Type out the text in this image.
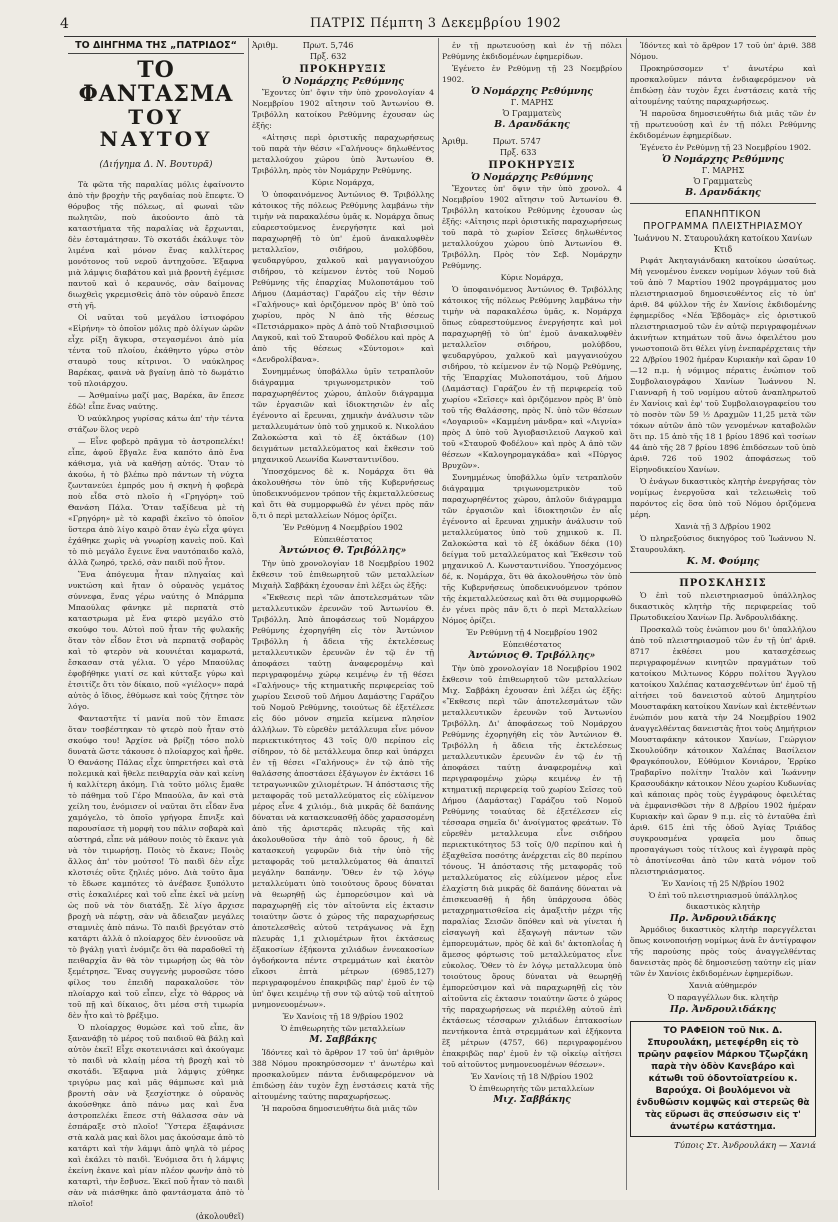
4	ΠΑΤΡΙΣ Πέμπτη 3 Δεκεμβρίου 1902
ΤΟ ΔΙΗΓΗΜΑ ΤΗΣ „ΠΑΤΡΙΔΟΣ“
ΤΟ ΦΑΝΤΑΣΜΑ
ΤΟΥ ΝΑΥΤΟΥ
(Διήγημα Δ. Ν. Βουτυρᾶ)

Τὰ φῶτα τῆς παραλίας μόλις ἐφαίνοντο ἀπὸ τὴν βροχὴν τῆς ραγδαίας ποὺ ἔπεφτε. Ὁ θόρυβος τῆς πόλεως, αἱ φωναὶ τῶν πωλητῶν, ποὺ ἀκούοντο ἀπὸ τὰ καταστήματα τῆς παραλίας νὰ ἔρχωνται, δὲν ἐσταμάτησαν. Τὸ σκοτάδι ἐκάλυψε τὸν λιμένα καὶ μόνον ἕνας καλλίτερος μονότονος τοῦ νεροῦ ἀντηχοῦσε. Ἐξαφνα μιὰ λάμψις διαβάτου καὶ μιὰ βροντὴ ἐγέμισε παντοῦ καὶ ὁ κεραυνός, σὰν δαίμονας διωχθεὶς γκρεμισθεὶς ἀπὸ τὸν οὐρανὸ ἔπεσε στὴ γῆ.

Οἱ ναῦται τοῦ μεγάλου ἱστιοφόρου «Εἰρήνη» τὸ ὁποῖον μόλις πρὸ ὀλίγων ὡρῶν εἶχε ρίξη ἄγκυρα, στεγασμένοι ἀπὸ μία τέντα τοῦ πλοίου, ἐκάθηντο γύρω στὸν σταυρὸ τους κίτρινοι. Ὁ ναύκληρος Βαρέκας, φαινὰ νὰ βγαίνῃ ἀπὸ τὸ δωμάτιο τοῦ πλοιάρχου.

— Ἀσθμαίνω μαζί μας, Βαρέκα, ἂν ἔπεσε ἐδῶ! εἶπε ἕνας ναύτης.

Ὁ ναύκληρος γυρίσας κάτω ἀπ' τὴν τέντα στάζων ὅλος νερὸ

— Εἶνε φοβερὸ πρᾶγμα τὸ ἀστροπελέκι! εἶπε, ἀφοῦ ἔβγαλε ἕνα καπότο ἀπὸ ἔνα κάθισμα, γιὰ νὰ καθήσῃ αὐτός. Ὅταν τὸ ἀκούω, ἡ τὸ βλέπω πρὸ πάντων τὴ νύχτα ζωντανεύει ἐμπρός μου ἡ σκηνὴ ἡ φοβερὰ ποὺ εἶδα στὸ πλοῖο ἡ «Γρηγόρη» τοῦ Θανάση Πάλα. Ὅταν ταξίδευα μὲ τὴ «Γρηγόρη» μὲ τὸ καραβὶ ἐκεῖνο τὸ ὁποῖον ὕστερα ἀπὸ λίγο καιρὸ ὅταν ἐγὼ εἶχα φύγει ἐχάθηκε χωρὶς νὰ γνωρίσῃ κανεὶς ποῦ. Καὶ τὸ πιὸ μεγάλο ἔγεινε ἕνα ναυτόπαιδο καλὸ, ἀλλὰ ζωηρό, τρελό, σὰν παιδὶ ποῦ ἦτον.

Ἕνα ἀπόγευμα ἦταν πληγαίας καὶ νυκτώση καὶ ἤταν ὁ οὐρανὸς γεμάτος σύννεφα, ἕνας γέρω ναύτης ὁ Μπάρμπα Μπαούλας φάνηκε μὲ περπατὰ στὸ καταστρωμα μὲ ἕνα φτερὸ μεγάλο στὸ σκούφο του. Αὐτοὶ ποῦ ἦταν τῆς φυλακῆς ὅταν τὸν εἶδον ἔτσι νὰ περπατᾷ σοβαρὸς καὶ τὸ φτερὸν νὰ κουνιέται καμαρωτά, ἔσκασαν στὰ γέλια. Ὁ γέρο Μπαούλας ἐφοβήθηκε γιατί σε καὶ κύτταξε γύρω καὶ ἐτσιτίζε ὅτι τὸν δίκαιο, ποῦ «γιέλοςν» παρά αὐτὸς ὁ ἴδιος, ἐθύμωσε καὶ τοὺς ζήτησε τὸν λόγο.

Φανταστῆτε τί μανία ποῦ τὸν ἔπιασε ὅταν τοσβέστηκαν τὸ φτερὸ ποὺ ἦταν στὸ σκούφο του! Ἀρχίσε νὰ βρίζῃ τόσο πολὺ δυνατὰ ὥστε τάκουσε ὁ πλοίαρχος καὶ ἦρθε. Ὁ Θανάσης Πάλας εἶχε ὑπηρετήσει καὶ στὰ πολεμικὰ καὶ ἤθελε πειθαρχία σὰν καὶ κείνη ἡ καλλίτερη ἀκόμη. Γιὰ τοῦτο μόλις ἔμαθε τὸ πάθημα τοῦ Γέρο Μπαούλα, ἄν καὶ στὰ χείλη του, ἐνόμισεν οἱ ναῦται ὅτι εἶδαν ἕνα χαμόγελο, τὸ ὁποῖο γρήγορα ἔπνιξε καὶ παρουσίασε τὴ μορφὴ του πάλιν σοβαρὰ καὶ αὐστηρά, εἶπε νὰ μάθουν ποιὸς τὸ ἔκανε γιὰ νὰ τὸν τιμωρήσῃ. Ποιὸς τὸ ἔκανε; Ποιὸς ἄλλος ἀπ' τὸν μούτσο! Τὸ παιδὶ δὲν εἶχε κλοτσιές οὔτε ζηλιές μόνο. Διὰ τοῦτο ἅμα τὸ ἔδωσε καμπότες τὸ ἀνέβασε ξυπόλυτο στὶς ἐσκαλιέρες καὶ τοῦ εἶπε ἐκεῖ νὰ μείνῃ ὡς ποῦ νὰ τὸν διατάξῃ. Σὲ λίγο ἄρχισε βροχὴ νὰ πέφτῃ, σὰν νὰ ἄδειαζαν μεγάλες σταμνιὲς ἀπὸ πάνω. Τὸ παιδὶ βρεγόταν στὸ κατάρτι ἀλλὰ ὁ πλοίαρχος δὲν ἐννοοῦσε νὰ τὸ βγάλῃ γιατὶ ἐνόμιζε ὅτι θὰ παραδοθεῖ τὴ πειθαρχία ἂν θὰ τὸν τιμωρήσῃ ὡς θὰ τὸν ξεμέτρησε. Ἕνας συγγενὴς μυροσῶσε τόσο φίλος του ἐπειδὴ παρακαλοῦσε τὸν πλοίαρχο καὶ τοῦ εἶπεν, εἶχε τὸ θάρρος νὰ τοῦ πῇ καὶ δίκαιος, ὅτι μέσα στὴ τιμωρία δὲν ἦτο καὶ τὸ βρέξιμο.

Ὁ πλοίαρχος θυμώσε καὶ τοῦ εἶπε, ἂν ξανανάβῃ τὸ μέρος τοῦ παιδιοῦ θὰ βάλῃ καὶ αὐτὸν ἐκεῖ! Εἶχε σκοτεινιάσει καὶ ἀκούγαμε τὸ παιδὶ νὰ κλαίῃ μέσα τὴ βροχὴ καὶ τὸ σκοτάδι. Ἐξαφνα μιὰ λάμψις χύθηκε τριγύρω μας καὶ μᾶς θάμπωσε καὶ μιὰ βροντὴ σὰν νὰ ξεσχίστηκε ὁ οὐρανὸς ἀκούσθηκε ἀπὸ πάνω μας καὶ ἕνα ἀστροπελέκι ἔπεσε στὴ θάλασσα σὰν νὰ ἐσπάραξε στὸ πλοῖο! Ὕστερα ἐξαφάνισε στὰ καλὰ μας καὶ ὅλοι μας ἀκούσαμε ἀπὸ τὸ κατάρτι καὶ τὴν λάμψι ἀπὸ ψηλὰ τὸ μέρος καὶ ἐκάλει τὸ παιδὶ. Ἐνόμισα ὅτι ἡ λάμψις ἐκείνη ἐκανε καὶ μίαν πλέον φωνὴν ἀπὸ τὸ καταρτὶ, τὴν ἔσβυσε. Ἐκεῖ ποῦ ἦταν τὸ παιδὶ σὰν νὰ πιάσθηκε ἀπὸ φαντάσματα ἀπὸ τὸ πλοῖο!

(ἀκολουθεῖ)
Ἀριθμ.	Πρωτ. 5,746
Πρξ. 632
ΠΡΟΚΗΡΥΞΙΣ
Ὁ Νομάρχης Ρεθύμνης

Ἔχοντες ὑπ' ὄψιν τὴν ὑπὸ χρονολογίαν 4 Νοεμβρίου 1902 αἴτησιν τοῦ Ἀντωνίου Θ. Τριβόλλη κατοίκου Ρεθύμνης ἐχουσαν ὡς ἑξῆς:

«Αἰτησις περὶ ὁριστικῆς παραχωρήσεως τοῦ παρὰ τὴν θέσιν «Γαλήνους» δηλωθέντος μεταλλούχου χώρου ὑπὸ Ἀντωνίου Θ. Τριβόλλη, πρὸς τὸν Νομάρχην Ρεθύμνης.

Κύριε Νομάρχα,

Ὁ ὑποφαινόμενος Ἀντώνιος Θ. Τριβόλλης κάτοικος τῆς πόλεως Ρεθύμνης λαμβάνω τὴν τιμὴν νὰ παρακαλέσω ὑμᾶς κ. Νομάρχα ὅπως εὐαρεστούμενος ἐνεργήσητε καὶ μοὶ παραχωρηθῇ τὸ ὑπ' ἐμοῦ ἀνακαλυφθὲν μεταλλεῖον, σιδήρου, μολύβδου, ψευδαργύρου, χαλκοῦ καὶ μαγγανιούχου σιδήρου, τὸ κείμενον ἐντὸς τοῦ Νομοῦ Ρεθύμνης τῆς ἐπαρχίας Μυλοποτάμου τοῦ Δήμου (Δαμάστας) Γαράζου εἰς τὴν θέσιν «Γαλήνους» καὶ ὁριζόμενον πρὸς Β' ὑπὸ τοῦ χωρίου, πρὸς Ν ἀπὸ τῆς θέσεως «Πετσιάρμακο» πρὸς Δ ἀπὸ τοῦ Νταβισσιμιοῦ Λαγκοῦ, καὶ τοῦ Σταυροῦ Φοδέλου καὶ πρὸς Α ἀπὸ τῆς θέσεως «Σύντομοι» καὶ «Δενδρολίβανα».

Συνημμένως ὑποβάλλω ὑμῖν τετραπλοῦν διάγραμμα τριγωνομετρικὸν τοῦ παραχωρηθέντος χώρου, ἁπλοῦν διάγραμμα τῶν ἐργασιῶν καὶ ἰδιοκτησιῶν ἐν αἷς ἐγένοντο αἱ ἔρευναι, χημικὴν ἀνάλυσιν τῶν μεταλλευμάτων ὑπὸ τοῦ χημικοῦ κ. Νικολάου Ζαλοκώστα καὶ τὸ ἐξ ὀκτάδων (10) δειγμάτων μεταλλεύματος καὶ ἔκθεσιν τοῦ μηχανικοῦ Λεωνίδα Κωνσταντινίδου.

Ὑποσχόμενος δὲ κ. Νομάρχα ὅτι θὰ ἀκολουθήσω τὸν ὑπὸ τῆς Κυβερνήσεως ὑποδεικνυόμενον τρόπον τῆς ἐκμεταλλεύσεως καὶ ὅτι θὰ συμμορφωθῶ ἐν γένει πρὸς πᾶν ὅ,τι ὁ περὶ μεταλλείων Νόμος ὁρίζει.

Ἐν Ρεθύμνῃ 4 Νοεμβρίου 1902

Εὐπειθέστατος

Ἀντώνιος Θ. Τριβόλλης»

Τὴν ὑπὸ χρονολογίαν 18 Νοεμβρίου 1902 ἔκθεσιν τοῦ ἐπιθεωρητοῦ τῶν μεταλλείων Μιχαὴλ Σαββάκη ἐχουσαν ἐπὶ λέξει ὡς ἑξῆς:

«Ἔκθεσις περὶ τῶν ἀποτελεσμάτων τῶν μεταλλευτικῶν ἐρευνῶν τοῦ Ἀντωνίου Θ. Τριβόλλη. Ἀπὸ ἀποφάσεως τοῦ Νομάρχου Ρεθύμνης ἐχορηγήθη εἰς τὸν Ἀντώνιον Τριβόλλη ἡ ἄδεια τῆς ἐκτελέσεως μεταλλευτικῶν ἐρευνῶν ἐν τῷ ἐν τῇ ἀποφάσει ταύτῃ ἀναφερομένῳ καὶ περιγραφομένῳ χώρῳ κειμένῳ ἐν τῇ θέσει «Γαλήνους» τῆς κτηματικῆς περιφερείας τοῦ χωρίου Σεισοῦ τοῦ Δήμου Δαμάστης Γαράζου τοῦ Νομοῦ Ρεθύμνης, τοιούτως δὲ ἐξετέλεσε εἰς δύο μόνον σημεῖα κείμενα πλησίον ἀλλήλων. Τὸ εὑρεθὲν μετάλλευμα εἶνε μόνον περιεκτικότητος 43 τοῖς 0/0 περίπου εἰς σίδηρον, τὸ δὲ μετάλλευμα ὅπερ καὶ ὑπάρχει ἐν τῇ θέσει «Γαλήνους» ἐν τῷ ἀπὸ τῆς θαλάσσης ἀποστάσει ἐξάγωγον ἐν ἐκτάσει 16 τετραγωνικῶν χιλιομέτρων. Ἡ ἀπόστασις τῆς μεταφορᾶς τοῦ μεταλλεύματος εἰς εὐλίμενον μέρος εἶνε 4 χιλιόμ., διὰ μικρᾶς δὲ δαπάνης δύναται νὰ κατασκευασθῇ ὁδὸς χαρασσομένη ἀπὸ τῆς ἀριστερᾶς πλευρᾶς τῆς καὶ ἀκολουθοῦσα τὴν ἀπὸ τοῦ ὄρους, ἡ δὲ κατασκευὴ γεφυρῶν διὰ τὴν ὑπὸ τῆς μεταφορᾶς τοῦ μεταλλεύματος θὰ ἀπαιτεῖ μεγάλην δαπάνην. Ὅθεν ἐν τῷ λόγῳ μεταλλεύματι ὑπὸ τοιούτους ὅρους δύναται νὰ θεωρηθῇ ὡς ἐμπορεύσιμον καὶ νὰ παραχωρηθῇ εἰς τὸν αἰτοῦντα εἰς ἐκτασιν τοιαύτην ὥστε ὁ χώρος τῆς παραχωρήσεως ἀποτελεσθεὶς αὐτοῦ τετράγωνος νὰ ἔχῃ πλευρὰς 1,1 χιλιομέτρων ἤτοι ἐκτάσεως ἑξακοσίων ἑξήκοντα χιλιάδων ἐννεακοσίων ὀγδοήκοντα πέντε στρεμμάτων καὶ ἑκατὸν εἴκοσι ἑπτὰ μέτρων (6985,127) περιγραφομένου ἐπακριβῶς παρ' ἐμοῦ ἐν τῷ ὑπ' ὄψει κειμένῳ τῇ συν τῷ αὐτῷ τοῦ αἰτητοῦ μνημονευομένων».

Ἐν Χανίοις τῇ 18 9/βρίου 1902

Ὁ ἐπιθεωρητὴς τῶν μεταλλείων

Μ. Σαββάκης

Ἰδόντες καὶ τὸ ἄρθρον 17 τοῦ ὑπ' ἀριθμὸν 388 Νόμου προκηρύσσομεν τ' ἀνωτέρω καὶ προσκαλοῦμεν πάντα ἐνδιαφερόμενον νὰ ἐπιδώσῃ ἐὰν τυχὸν ἔχῃ ἐνστάσεις κατὰ τῆς αἰτουμένης ταύτης παραχωρήσεως.

Ἡ παροῦσα δημοσιευθήτω διὰ μιᾶς τῶν

ἐν τῇ πρωτευούσῃ καὶ ἐν τῇ πόλει Ρεθύμνης ἐκδιδομένων ἐφημερίδων.

Ἐγένετο ἐν Ρεθύμνῃ τῇ 23 Νοεμβρίου 1902.

Ὁ Νομάρχης Ρεθύμνης
Γ. ΜΑΡΗΣ
Ὁ Γραμματεὺς
Β. Δρανδάκης
Ἀριθμ.	Πρωτ. 5747
Πρξ. 633
ΠΡΟΚΗΡΥΞΙΣ
Ὁ Νομάρχης Ρεθύμνης

Ἔχοντες ὑπ' ὄψιν τὴν ὑπὸ χρονολ. 4 Νοεμβρίου 1902 αἴτησιν τοῦ Ἀντωνίου Θ. Τριβόλλη κατοίκου Ρεθύμνης ἐχουσαν ὡς ἑξῆς: «Αἰτησις περὶ ὁριστικῆς παραχωρήσεως τοῦ παρὰ τὸ χωρίον Σεῖσες δηλωθέντος μεταλλούχου χώρου ὑπὸ Ἀντωνίου Θ. Τριβόλλη. Πρὸς τὸν Σεβ. Νομάρχην Ρεθύμνης.

Κύριε Νομάρχα,

Ὁ ὑποφαινόμενος Ἀντώνιος Θ. Τριβόλλης κάτοικος τῆς πόλεως Ρεθύμνης λαμβάνω τὴν τιμὴν νὰ παρακαλέσω ὑμᾶς, κ. Νομάρχα ὅπως εὐαρεστούμενος ἐνεργήσητε καὶ μοὶ παραχωρηθῇ τὸ ὑπ' ἐμοῦ ἀνακαλυφθὲν μεταλλεῖον σιδήρου, μολύβδου, ψευδαργύρου, χαλκοῦ καὶ μαγγανιούχου σιδήρου, τὸ κείμενον ἐν τῷ Νομῷ Ρεθύμνης, τῆς Ἐπαρχίας Μυλοποτάμου, τοῦ Δήμου (Δαμάστας) Γαράζου ἐν τῇ περιφερείᾳ τοῦ χωρίου «Σεῖσες» καὶ ὁριζόμενον πρὸς Β' ὑπὸ τοῦ τῆς Θαλάσσης, πρὸς Ν. ὑπὸ τῶν θέσεων «Λογαριοῦ» «Καμμένη μάνδρα» καὶ «Λιγνία» πρὸς Δ ὑπὸ τοῦ Ἀγιοβασιλειοῦ Λαγκοῦ καὶ τοῦ «Σταυροῦ Φοδέλου» καὶ πρὸς Α ἀπὸ τῶν θέσεων «Καλογηρομαγκάδα» καὶ «Πύργος Βρυχῶν».

Συνημμένως ὑποβάλλω ὑμῖν τετραπλοῦν διάγραμμα τριγωνομετρικὸν τοῦ παραχωρηθέντος χώρου, ἁπλοῦν διάγραμμα τῶν ἐργασιῶν καὶ ἰδιοκτησιῶν ἐν αἷς ἐγένοντο αἱ ἔρευναι χημικὴν ἀνάλυσιν τοῦ μεταλλεύματος ὑπὸ τοῦ χημικοῦ κ. Π. Ζαλοκώστα καὶ τὸ ἐξ ὀκάδων δέκα (10) δείγμα τοῦ μεταλλεύματος καὶ Ἔκθεσιν τοῦ μηχανικοῦ Λ. Κωνσταντινίδου. Ὑποσχόμενος δέ, κ. Νομάρχα, ὅτι θὰ ἀκολουθήσω τὸν ὑπὸ τῆς Κυβερνήσεως ὑποδεικνυόμενον τρόπον τῆς ἐκμεταλλεύσεως καὶ ὅτι θὰ συμμορφωθῶ ἐν γένει πρὸς πᾶν ὅ,τι ὁ περὶ Μεταλλείων Νόμος ὁρίζει.

Ἐν Ρεθύμνῃ τῇ 4 Νοεμβρίου 1902

Εὐπειθέστατος

Ἀντώνιος Θ. Τριβόλλης»

Τὴν ὑπὸ χρονολογίαν 18 Νοεμβρίου 1902 ἔκθεσιν τοῦ ἐπιθεωρητοῦ τῶν μεταλλείων Μιχ. Σαββάκη ἐχουσαν ἐπὶ λέξει ὡς ἑξῆς: «Ἔκθεσις περὶ τῶν ἀποτελεσμάτων τῶν μεταλλευτικῶν ἐρευνῶν τοῦ Ἀντωνίου Τριβόλλη. Δι' ἀποφάσεως τοῦ Νομάρχου Ρεθύμνης ἐχορηγήθη εἰς τὸν Ἀντώνιον Θ. Τριβόλλη ἡ ἄδεια τῆς ἐκτελέσεως μεταλλευτικῶν ἐρευνῶν ἐν τῷ ἐν τῇ ἀποφάσει ταύτῃ ἀναφερομένῳ καὶ περιγραφομένῳ χώρῳ κειμένῳ ἐν τῇ κτηματικῇ περιφερείᾳ τοῦ χωρίου Σεῖσες τοῦ Δήμου (Δαμάστας) Γαράζου τοῦ Νομοῦ Ρεθύμνης τοιαύτας δὲ ἐξετέλεσεν εἰς τέσσαρα σημεῖα δι' ἀνοίγματος φρεάτων. Τὸ εὑρεθὲν μεταλλευμα εἶνε σιδήρου περιεκτικότητος 53 τοῖς 0/0 περίπου καὶ ἡ ἐξαχθεῖσα ποσότης ἀνέρχεται εἰς 80 περίπου τόνους. Ἡ ἀπόστασις τῆς μεταφορᾶς τοῦ μεταλλεύματος εἰς εὐλίμενον μέρος εἶνε ἐλαχίστη διὰ μικρᾶς δὲ δαπάνης δύναται νὰ ἐπισκευασθῇ ἡ ἤδη ὑπάρχουσα ὁδὸς μεταχρηματισθεῖσα εἰς ἁμαξιτὴν μέχρι τῆς παραλίας Σεισῶν ὅπόθεν καὶ νὰ γίνεται ἡ εἰσαγωγὴ καὶ ἐξαγωγὴ πάντων τῶν ἐμπορευμάτων, πρὸς δὲ καὶ δι' ἀκτοπλοΐας ἡ ἄμεσος φόρτωσις τοῦ μεταλλεύματος εἶνε εὐκολος. Ὅθεν τὸ ἐν λόγῳ μεταλλευμα ὑπὸ τοιούτους ὅρους δύναται νὰ θεωρηθῇ ἐμπορεύσιμον καὶ νὰ παραχωρηθῇ εἰς τὸν αἰτοῦντα εἰς ἐκτασιν τοιαύτην ὥστε ὁ χώρος τῆς παραχωρήσεως νὰ περιέλθῃ αὐτοῦ ἐπὶ ἐκτάσεως τέσσαρων χιλιάδων ἑπτακοσίων πεντήκοντα ἑπτὰ στρεμμάτων καὶ ἑξήκοντα ἓξ μέτρων (4757, 66) περιγραφομένου ἐπακριβῶς παρ' ἐμοῦ ἐν τῷ οἰκείῳ αἰτήσει τοῦ αἰτοῦντος μνημονευομένων θέσεων».

Ἐν Χανίοις τῇ 18 Ν/βρίου 1902

Ὁ ἐπιθεωρητὴς τῶν μεταλλείων

Μιχ. Σαββάκης

Ἰδόντες καὶ τὸ ἄρθρον 17 τοῦ ὑπ' ἀριθ. 388 Νόμου.

Προκηρύσσομεν τ' ἀνωτέρω καὶ προσκαλοῦμεν πάντα ἐνδιαφερόμενον νὰ ἐπιδώσῃ ἐὰν τυχὸν ἔχει ἐνστάσεις κατὰ τῆς αἰτουμένης ταύτης παραχωρήσεως.

Ἡ παροῦσα δημοσιευθήτω διὰ μιᾶς τῶν ἐν τῇ πρωτευούσῃ καὶ ἐν τῇ πόλει Ρεθύμνης ἐκδιδομένων ἐφημερίδων.

Ἐγένετο ἐν Ρεθύμνῃ τῇ 23 Νοεμβρίου 1902.

Ὁ Νομάρχης Ρεθύμνης
Γ. ΜΑΡΗΣ
Ὁ Γραμματεὺς
Β. Δρανδάκης
ΕΠΑΝΗΠΤΙΚΟΝ
ΠΡΟΓΡΑΜΜΑ ΠΛΕΙΣΤΗΡΙΑΣΜΟΥ
Ἰωάννου Ν. Σταυρουλάκη κατοίκου Χανίων Κτιδ

Ριφάτ Ἀκηταγιάνδακη κατοίκου ὡσαύτως. Μὴ γενομένου ἐνεκεν νομίμων λόγων τοῦ διὰ τοῦ ἀπὸ 7 Μαρτίου 1902 προγράμματος μου πλειστηριασμοῦ δημοσιευθέντος εἰς τὸ ὑπ' ἀριθ. 84 φύλλον τῆς ἐν Χανίοις ἐκδιδομένης ἐφημερίδος «Νέα Ἑβδομὰς» εἰς ὁριστικοῦ πλειστηριασμοῦ τῶν ἐν αὐτῷ περιγραφομένων ἀκινήτων κτημάτων τοῦ ἄνω ὀφειλέτου μου γνωστοποιῶ ὅτι θέλει γίνῃ ἐνεπαρέρχεταις τὴν 22 Δ/βρίου 1902 ἡμέραν Κυριακὴν καὶ ὥραν 10—12 π.μ. ἡ νόμιμος πέρατις ἐνώπιον τοῦ Συμβολαιογράφου Χανίων Ἰωάννου Ν. Γιανναρῆ ἡ τοῦ νομίμου αὐτοῦ ἀναπληρωτοῦ ἐν Χανίοις καὶ ἐφ' τοῦ Συμβολαιογραφείου του τὸ ποσὸν τῶν 59 ½ Δραχμῶν 11,25 μετὰ τῶν τόκων αὐτῶν ἀπὸ τῶν γενομένων καταβολῶν ὅτι πρ. 15 ἀπὸ τῆς 18 1 βρίου 1896 καὶ τοσίων 44 ἀπὸ τῆς 28 7 βρίου 1896 ἐπιδόσεων τοῦ ὑπὸ ἀριθ. 726 τοῦ 1902 ἀποφάσεως τοῦ Εἰρηνοδικείου Χανίων.

Ὁ ἐνάγων δικαστικὸς κλητὴρ ἐνεργήσας τὸν νομίμως ἐνεργοῦσα καὶ τελειωθεὶς τοῦ παρόντος εἰς ὅσα ὑπὸ τοῦ Νόμου ὁριζόμενα μέρη.

Χανιὰ τῇ 3 Δ/βρίου 1902

Ὁ πληρεξούσιος δικηγόρος τοῦ Ἰωάννου Ν. Σταυρουλάκη.

Κ. Μ. Φούμης
ΠΡΟΣΚΛΗΣΙΣ

Ὁ ἐπὶ τοῦ πλειστηριασμοῦ ὑπάλληλος δικαστικὸς κλητὴρ τῆς περιφερείας τοῦ Πρωτοδικείου Χανίων Πρ. Ἀνδρουλιδάκης.

Προσκαλῶ τοὺς ἑνώπιον μου δι' ὑπαλλήλου ἀπὸ τοῦ πλειστηριασμοῦ τῶν ἐν τῇ ὑπ' ἀριθ. 8717 ἐκθέσει μου κατασχέσεως περιγραφομένων κινητῶν πραγμάτων τοῦ κατοίκου Μιλτωνος Κόρρυ πολίτου Ἄγγλου κατοίκου Χαλέπας κατασχεθέντων ὑπ' ἐμοῦ τῇ αἰτήσει τοῦ δανειστοῦ αὐτοῦ Δημητρίου Μουσταφάκη κατοίκου Χανίων καὶ ἐκτεθέντων ἐνώπιόν μου κατὰ τὴν 24 Νοεμβρίου 1902 ἀναγγελθέντας δανειστὰς ἤτοι τοὺς Δημήτριον Μουσταφάκην κάτοικον Χανίων, Γεώργιον Σκουλούδην κάτοικον Χαλέπας Βασίλειον Φραγκόπουλον, Εὐθύμιον Κονιάρον, Ἐρρίκο Τραβαρῖνο πολίτην Ἰταλὸν καὶ Ἰωάννην Κρασουδάκην κάτοικον Νέου χωρίου Κυδωνίας καὶ κάποιας πρὸς τοὺς ἐγγράφους ὀφειλέτας νὰ ἐμφανισθῶσι τὴν 8 Δ/βρίου 1902 ἡμέραν Κυριακὴν καὶ ὥραν 9 π.μ. εἰς τὸ ἐνταῦθα ἐπὶ ἀριθ. 615 ἐπὶ τῆς ὁδοῦ Ἀγίας Τριάδος συγκρουσμένα γραφεῖα μου ὅπως προσαγάγωσι τοὺς τίτλους καὶ ἐγγραφὰ πρὸς τὸ ἀποτίνεσθαι ἀπὸ τῶν κατὰ νόμον τοῦ πλειστηριάσματος.

Ἐν Χανίοις τῇ 25 Ν/βρίου 1902

Ὁ ἐπὶ τοῦ πλειστηριασμοῦ ὑπάλληλος δικαστικὸς κλητὴρ

Πρ. Ἀνδρουλιδάκης

Ἀρμόδιος δικαστικὸς κλητὴρ παρεγγέλεται ὅπως κοινοποιήσῃ νομίμως ἀνὰ ἓν ἀντίγραφον τῆς παρούσης πρὸς τοὺς ἀναγγελθέντας δανειστὰς πρὸς δὲ δημοσιεύσῃ ταύτην εἰς μίαν τῶν ἐν Χανίοις ἐκδιδομένων ἐφημερίδων.

Χανιὰ αὐθημερόν

Ὁ παραγγέλλων δικ. κλητὴρ

Πρ. Ἀνδρουλιδάκης
ΤΟ ΡΑΦΕΙΟΝ τοῦ Νικ. Δ. Σπυρουλάκη, μετεφέρθη εἰς τὸ πρῶην ραφεῖον Μάρκου Τζωρζάκη παρὰ τὴν ὁδὸν Κανεβάρο καὶ κάτωθι τοῦ ὀδοντοϊατρείου κ. Βαρούχα. Οἱ βουλόμενοι νὰ ἐνδυθῶσιν κομψῶς καὶ στερεῶς θὰ τὰς εὕρωσι ἂς σπεύσωσιν εἰς τ' ἀνωτέρω κατάστημα.
Τύποις Στ. Ἀνδρουλάκη — Χανιά
